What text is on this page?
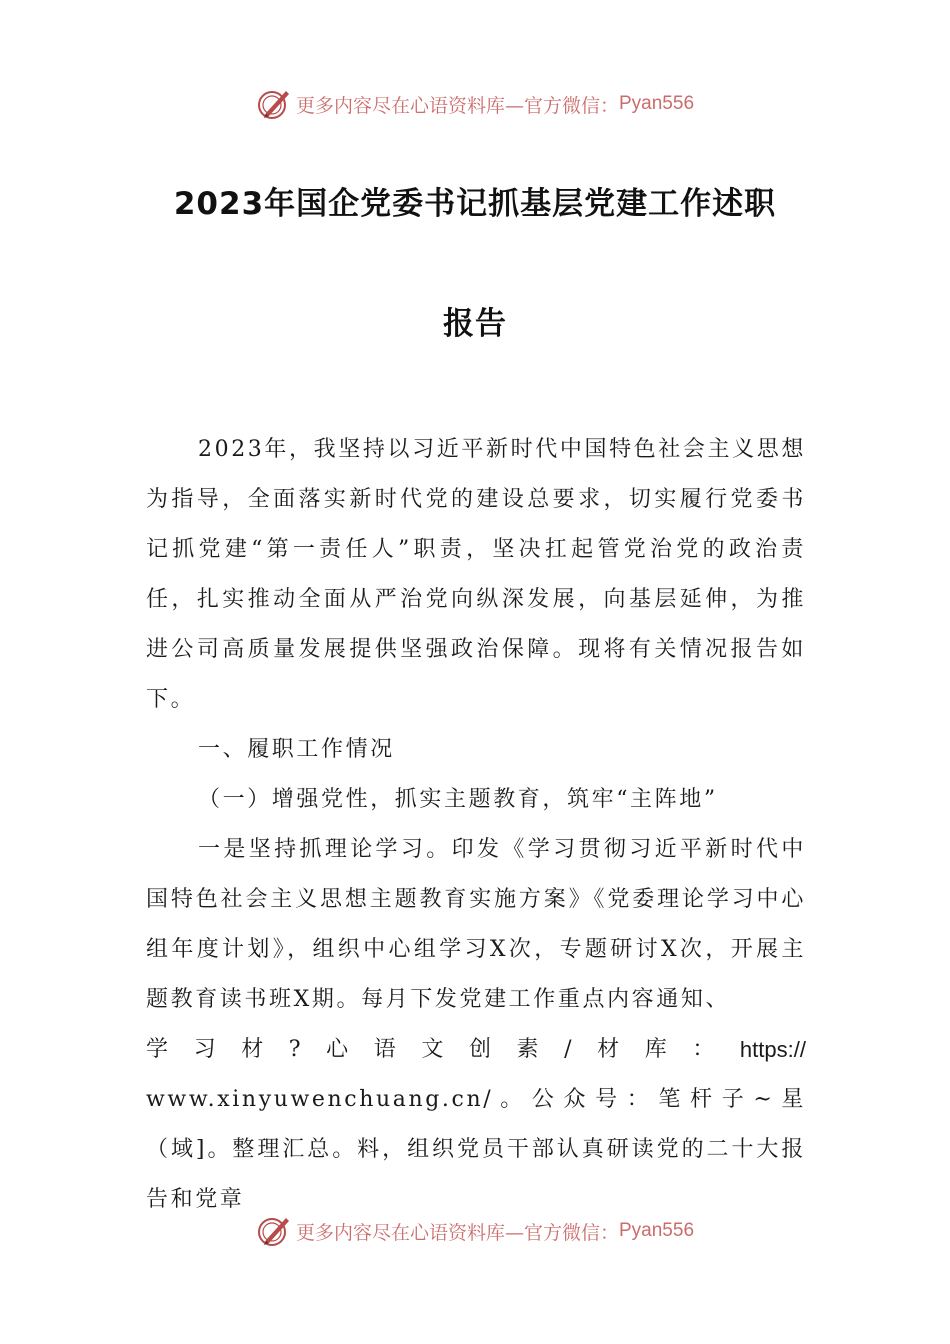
更多内容尽在心语资料库—官方微信： Pyan556
2023年国企党委书记抓基层党建工作述职
报告

2023年，我坚持以习近平新时代中国特色社会主义思想为指导，全面落实新时代党的建设总要求，切实履行党委书记抓党建“第一责任人”职责，坚决扛起管党治党的政治责任，扎实推动全面从严治党向纵深发展，向基层延伸，为推进公司高质量发展提供坚强政治保障。现将有关情况报告如下。

一、履职工作情况

（一）增强党性，抓实主题教育，筑牢“主阵地”

一是坚持抓理论学习。印发《学习贯彻习近平新时代中国特色社会主义思想主题教育实施方案》《党委理论学习中心组年度计划》，组织中心组学习X次，专题研讨X次，开展主题教育读书班X期。每月下发党建工作重点内容通知、

学 习 材 ? 心 语 文 创 素 / 材 库 ： https://

www.xinyuwenchuang.cn/。公众号：笔杆子~星（域]。整理汇总。料，组织党员干部认真研读党的二十大报告和党章

更多内容尽在心语资料库—官方微信： Pyan556
